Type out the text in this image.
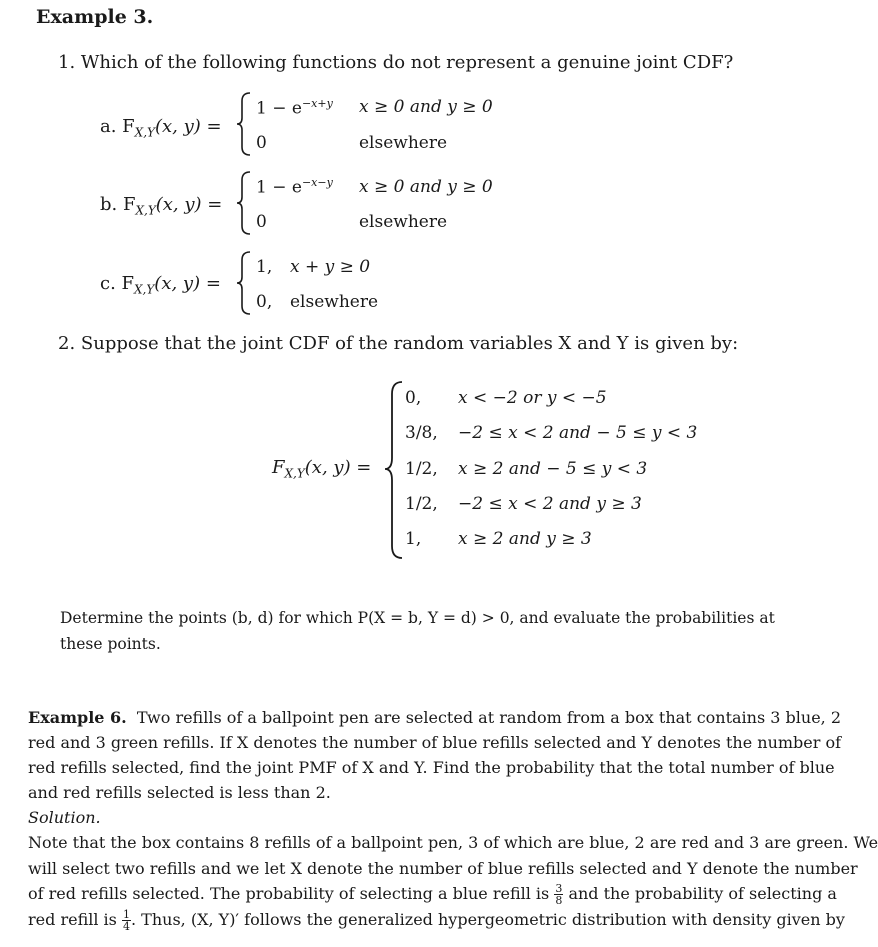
Example 3.
1. Which of the following functions do not represent a genuine joint CDF?
a. $F_{X,Y}(x$, y) =
$1 - e^{-x+y}$ x ≥ 0 and y ≥ 0
0	elsewhere
b. $F_{X,Y}(x$, y) =
$1 - e^{-x-y}$ x ≥ 0 and y ≥ 0
0	elsewhere
c. $F_{X,Y}(x$, y) =
1, x + y ≥ 0
0, elsewhere
2. Suppose that the joint CDF of the random variables X and Y is given by:
$F_{X,Y}(x$, y) =
0, x < −2 or y < −5
3/8, −2 ≤ x < 2 and − 5 ≤ y < 3
1/2, x ≥ 2 and − 5 ≤ y < 3
1/2, −2 ≤ x < 2 and y ≥ 3
1, x ≥ 2 and y ≥ 3
Determine the points (b, d) for which P(X = b, Y = d) > 0, and evaluate the probabilities at
these points.
Example 6. Two refills of a ballpoint pen are selected at random from a box that contains 3 blue, 2
red and 3 green refills. If X denotes the number of blue refills selected and Y denotes the number of
red refills selected, find the joint PMF of X and Y. Find the probability that the total number of blue
and red refills selected is less than 2.
Solution.
Note that the box contains 8 refills of a ballpoint pen, 3 of which are blue, 2 are red and 3 are green. We
will select two refills and we let X denote the number of blue refills selected and Y denote the number
of red refills selected. The probability of selecting a blue refill is $\frac{3}{8}$ and the probability of selecting a
red refill is $\frac{1}{4}$ . Thus, (X, Y)′ follows the generalized hypergeometric distribution with density given by
